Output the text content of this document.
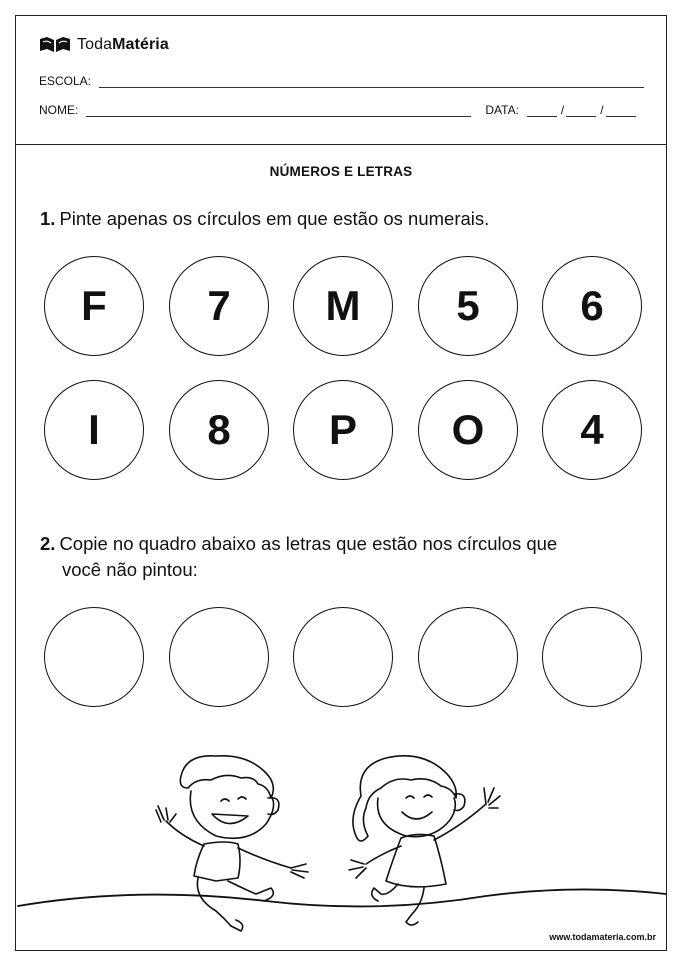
TodaMatéria
ESCOLA:
NOME:	DATA:	/	/
NÚMEROS E LETRAS
1. Pinte apenas os círculos em que estão os numerais.
F	7	M	5	6
I	8	P	O	4
2. Copie no quadro abaixo as letras que estão nos círculos que
você não pintou:
www.todamateria.com.br
